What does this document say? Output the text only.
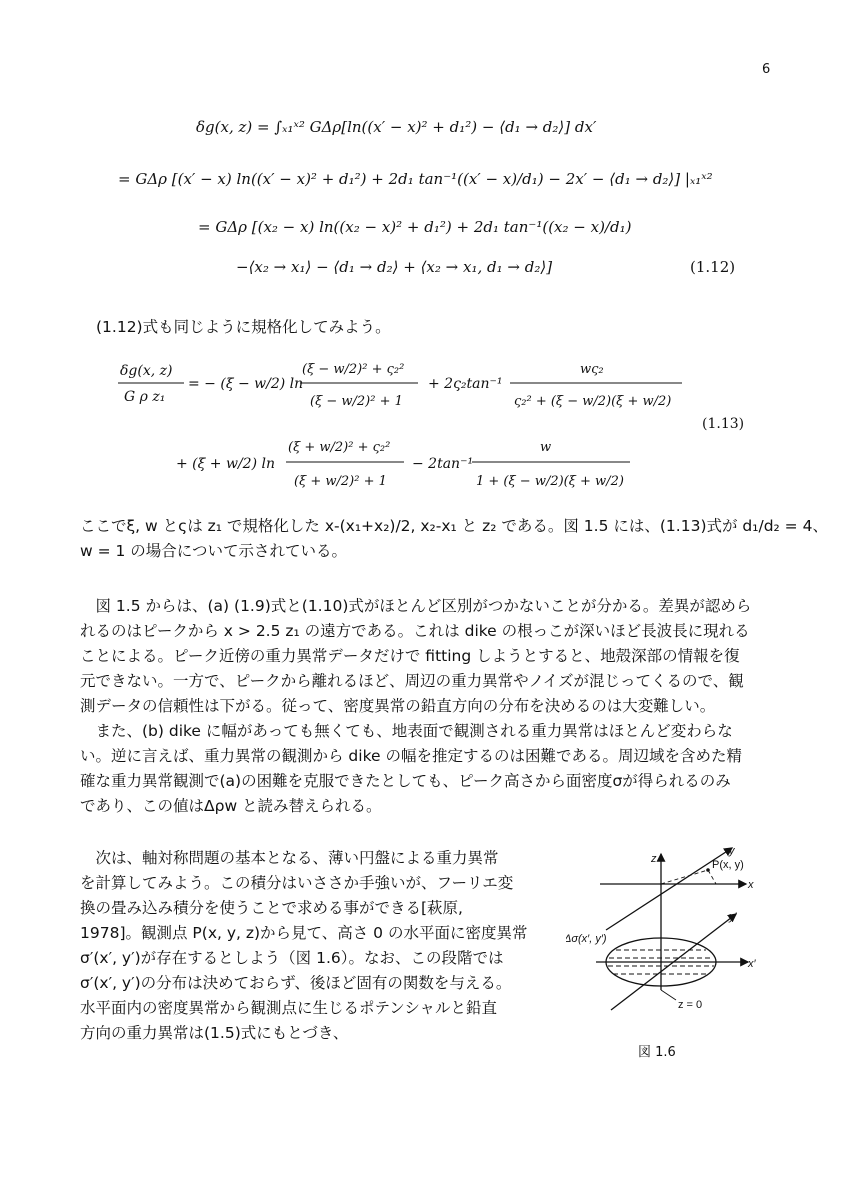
6
δg(x, z) = ∫ₓ₁ˣ² GΔρ[ln((x′ − x)² + d₁²) − ⟨d₁ → d₂⟩] dx′
= GΔρ [(x′ − x) ln((x′ − x)² + d₁²) + 2d₁ tan⁻¹((x′ − x)/d₁) − 2x′ − ⟨d₁ → d₂⟩] |ₓ₁ˣ²
= GΔρ [(x₂ − x) ln((x₂ − x)² + d₁²) + 2d₁ tan⁻¹((x₂ − x)/d₁)
−⟨x₂ → x₁⟩ − ⟨d₁ → d₂⟩ + ⟨x₂ → x₁, d₁ → d₂⟩]	(1.12)
(1.12)式も同じように規格化してみよう。
δg(x, z)
G ρ z₁
= − (ξ − w/2) ln
(ξ − w/2)² + ς₂²
(ξ − w/2)² + 1
+ 2ς₂tan⁻¹
wς₂
ς₂² + (ξ − w/2)(ξ + w/2)
+ (ξ + w/2) ln
(ξ + w/2)² + ς₂²
(ξ + w/2)² + 1
− 2tan⁻¹
w
1 + (ξ − w/2)(ξ + w/2)
(1.13)
ここでξ, w とςは z₁ で規格化した x-(x₁+x₂)/2, x₂-x₁ と z₂ である。図 1.5 には、(1.13)式が d₁/d₂ = 4、
w = 1 の場合について示されている。
　図 1.5 からは、(a) (1.9)式と(1.10)式がほとんど区別がつかないことが分かる。差異が認めら
れるのはピークから x > 2.5 z₁ の遠方である。これは dike の根っこが深いほど長波長に現れる
ことによる。ピーク近傍の重力異常データだけで fitting しようとすると、地殻深部の情報を復
元できない。一方で、ピークから離れるほど、周辺の重力異常やノイズが混じってくるので、観
測データの信頼性は下がる。従って、密度異常の鉛直方向の分布を決めるのは大変難しい。
　また、(b) dike に幅があっても無くても、地表面で観測される重力異常はほとんど変わらな
い。逆に言えば、重力異常の観測から dike の幅を推定するのは困難である。周辺域を含めた精
確な重力異常観測で(a)の困難を克服できたとしても、ピーク高さから面密度σが得られるのみ
であり、この値はΔρw と読み替えられる。
　次は、軸対称問題の基本となる、薄い円盤による重力異常
を計算してみよう。この積分はいささか手強いが、フーリエ変
換の畳み込み積分を使うことで求める事ができる[萩原,
1978]。観測点 P(x, y, z)から見て、高さ 0 の水平面に密度異常
σ′(x′, y′)が存在するとしよう（図 1.6）。なお、この段階では
σ′(x′, y′)の分布は決めておらず、後ほど固有の関数を与える。
水平面内の密度異常から観測点に生じるポテンシャルと鉛直
方向の重力異常は(1.5)式にもとづき、
z
y
x
P(x, y)
y′
x′
Δσ(x′, y′)
z = 0
図 1.6
